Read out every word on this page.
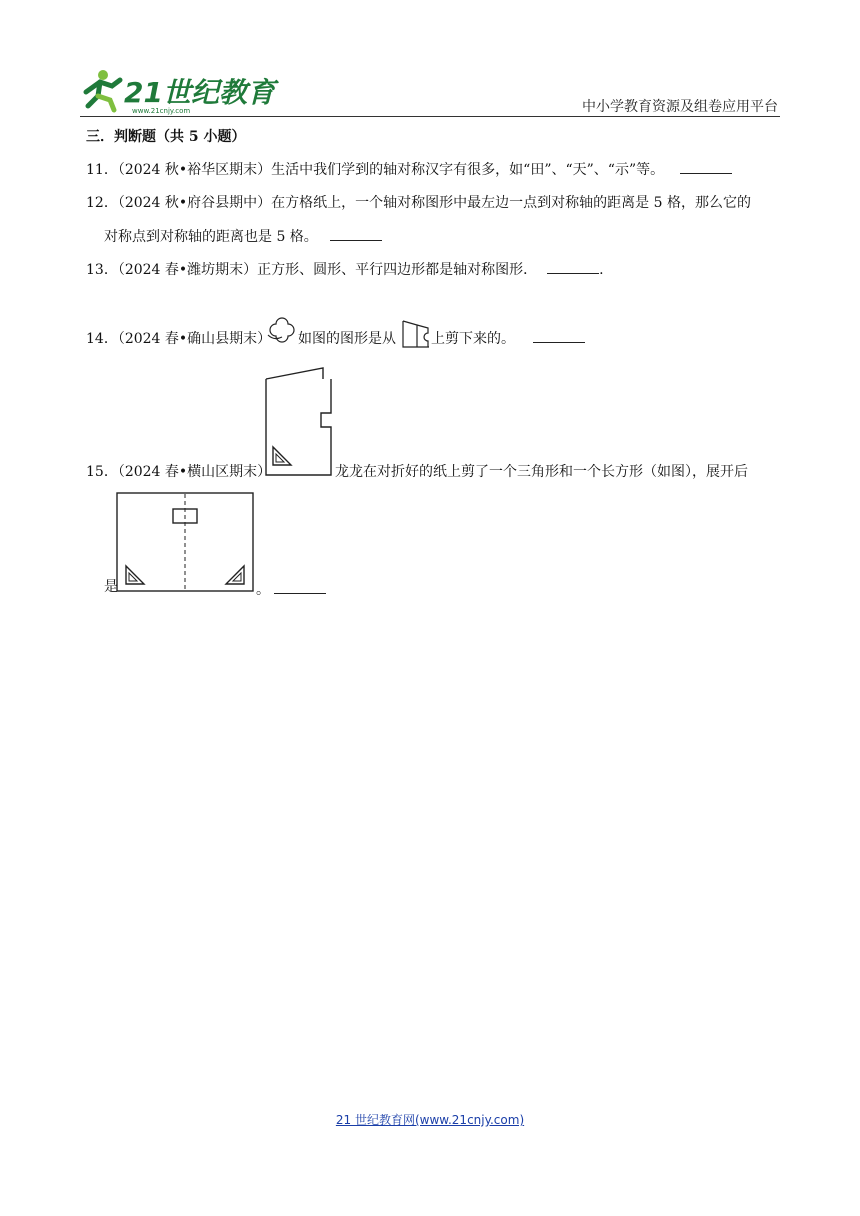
21世纪教育
www.21cnjy.com	中小学教育资源及组卷应用平台
三．判断题（共 5 小题）
11．（2024 秋•裕华区期末）生活中我们学到的轴对称汉字有很多，如“田”、“天”、“示”等。
12．（2024 秋•府谷县期中）在方格纸上，一个轴对称图形中最左边一点到对称轴的距离是 5 格，那么它的
对称点到对称轴的距离也是 5 格。
13．（2024 春•潍坊期末）正方形、圆形、平行四边形都是轴对称图形．	.
14．（2024 春•确山县期末） 如图的图形是从	上剪下来的。
15．（2024 春•横山区期末）	龙龙在对折好的纸上剪了一个三角形和一个长方形（如图），展开后
是	。
21 世纪教育网(www.21cnjy.com)
